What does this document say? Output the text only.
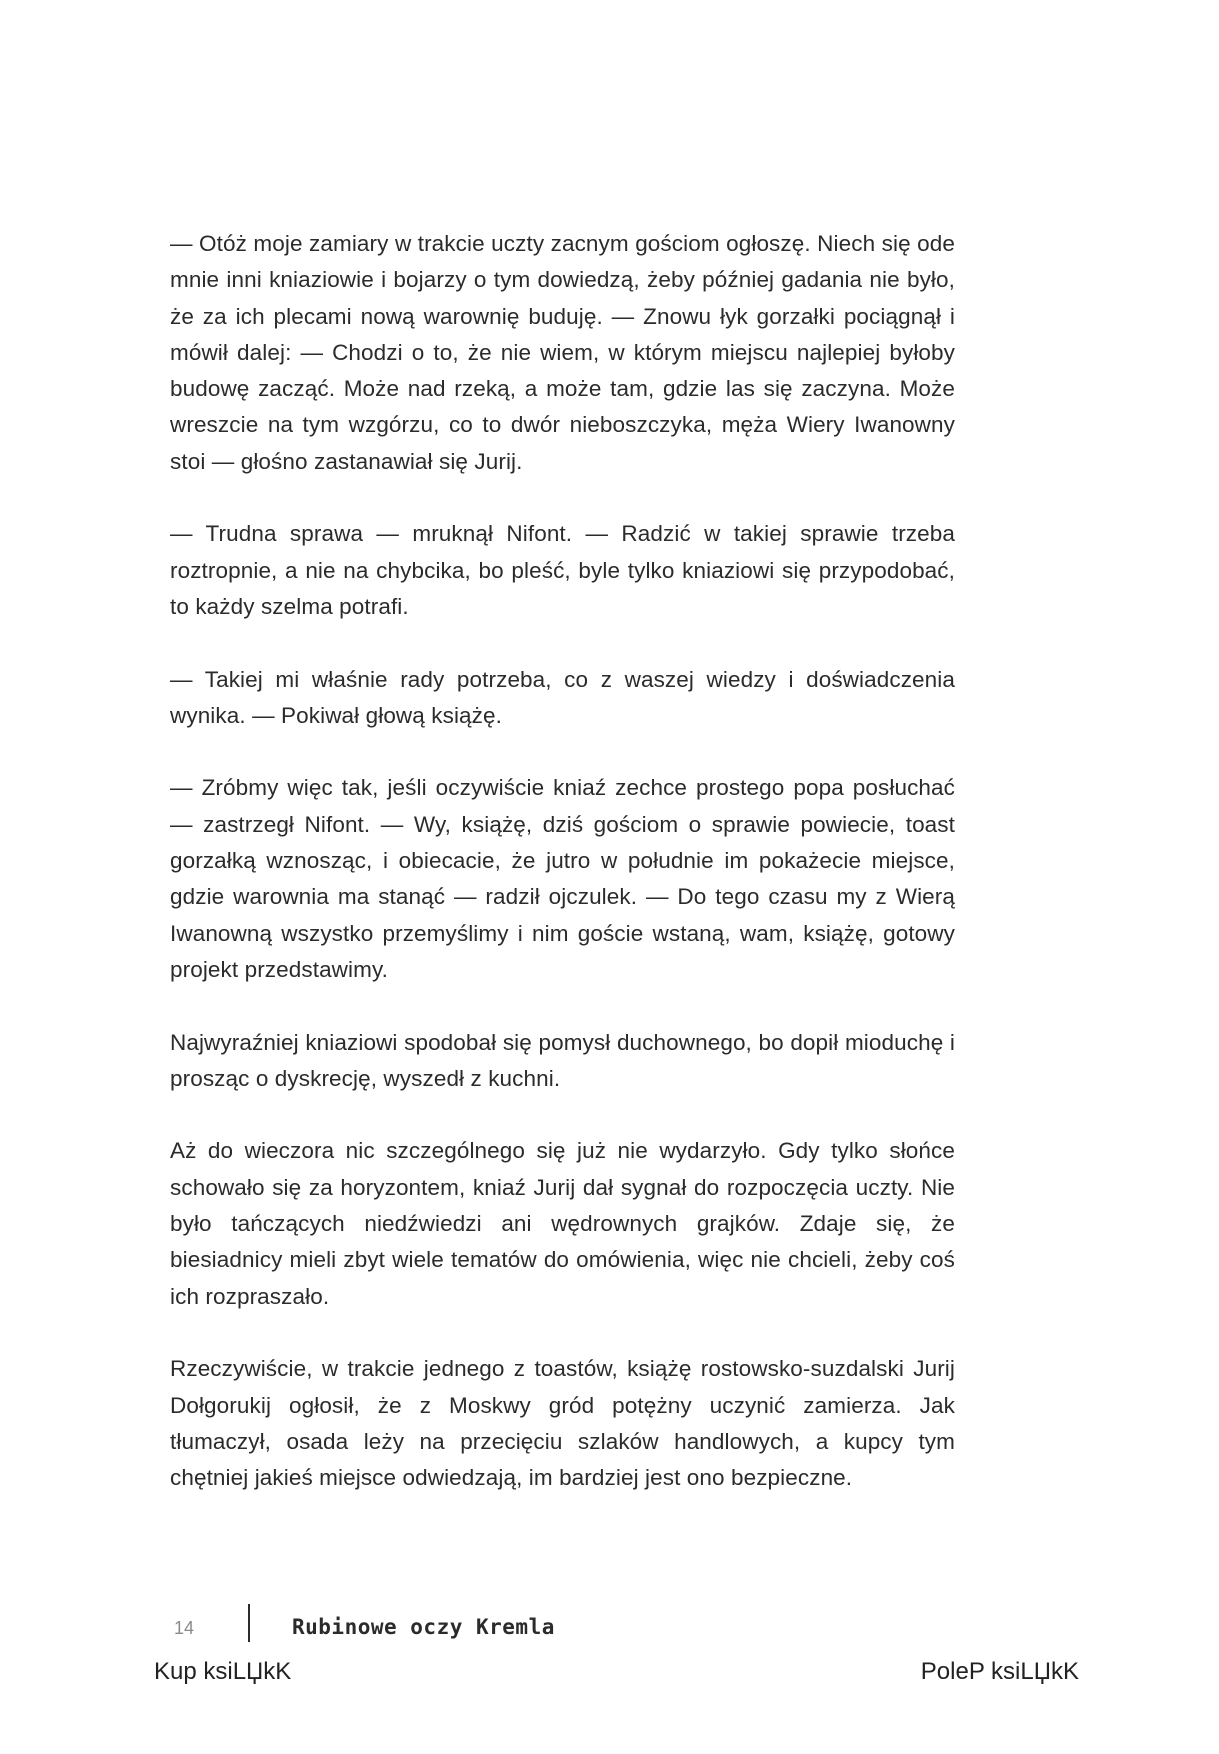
— Otóż moje zamiary w trakcie uczty zacnym gościom ogłoszę. Niech się ode mnie inni kniaziowie i bojarzy o tym dowiedzą, żeby później gadania nie było, że za ich plecami nową warownię buduję. — Znowu łyk gorzałki pociągnął i mówił dalej: — Chodzi o to, że nie wiem, w którym miejscu najlepiej byłoby budowę zacząć. Może nad rzeką, a może tam, gdzie las się zaczyna. Może wreszcie na tym wzgórzu, co to dwór nieboszczyka, męża Wiery Iwanowny stoi — głośno zastanawiał się Jurij.

— Trudna sprawa — mruknął Nifont. — Radzić w takiej sprawie trzeba roztropnie, a nie na chybcika, bo pleść, byle tylko kniaziowi się przypodobać, to każdy szelma potrafi.

— Takiej mi właśnie rady potrzeba, co z waszej wiedzy i doświadczenia wynika. — Pokiwał głową książę.

— Zróbmy więc tak, jeśli oczywiście kniaź zechce prostego popa posłuchać — zastrzegł Nifont. — Wy, książę, dziś gościom o sprawie powiecie, toast gorzałką wznosząc, i obiecacie, że jutro w południe im pokażecie miejsce, gdzie warownia ma stanąć — radził ojczulek. — Do tego czasu my z Wierą Iwanowną wszystko przemyślimy i nim goście wstaną, wam, książę, gotowy projekt przedstawimy.

Najwyraźniej kniaziowi spodobał się pomysł duchownego, bo dopił mioduchę i prosząc o dyskrecję, wyszedł z kuchni.

Aż do wieczora nic szczególnego się już nie wydarzyło. Gdy tylko słońce schowało się za horyzontem, kniaź Jurij dał sygnał do rozpoczęcia uczty. Nie było tańczących niedźwiedzi ani wędrownych grajków. Zdaje się, że biesiadnicy mieli zbyt wiele tematów do omówienia, więc nie chcieli, żeby coś ich rozpraszało.

Rzeczywiście, w trakcie jednego z toastów, książę rostowsko-suzdalski Jurij Dołgorukij ogłosił, że z Moskwy gród potężny uczynić zamierza. Jak tłumaczył, osada leży na przecięciu szlaków handlowych, a kupcy tym chętniej jakieś miejsce odwiedzają, im bardziej jest ono bezpieczne.

14	Rubinowe oczy Kremla
Kup ksiLЏkK	PoleP ksiLЏkK
